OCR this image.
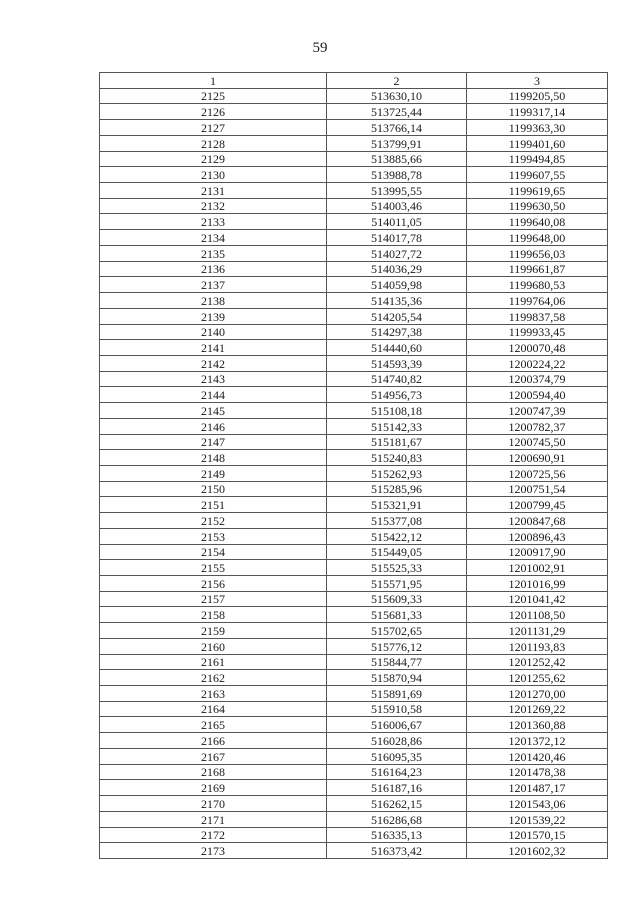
59
1	2	3
2125	513630,10	1199205,50
2126	513725,44	1199317,14
2127	513766,14	1199363,30
2128	513799,91	1199401,60
2129	513885,66	1199494,85
2130	513988,78	1199607,55
2131	513995,55	1199619,65
2132	514003,46	1199630,50
2133	514011,05	1199640,08
2134	514017,78	1199648,00
2135	514027,72	1199656,03
2136	514036,29	1199661,87
2137	514059,98	1199680,53
2138	514135,36	1199764,06
2139	514205,54	1199837,58
2140	514297,38	1199933,45
2141	514440,60	1200070,48
2142	514593,39	1200224,22
2143	514740,82	1200374,79
2144	514956,73	1200594,40
2145	515108,18	1200747,39
2146	515142,33	1200782,37
2147	515181,67	1200745,50
2148	515240,83	1200690,91
2149	515262,93	1200725,56
2150	515285,96	1200751,54
2151	515321,91	1200799,45
2152	515377,08	1200847,68
2153	515422,12	1200896,43
2154	515449,05	1200917,90
2155	515525,33	1201002,91
2156	515571,95	1201016,99
2157	515609,33	1201041,42
2158	515681,33	1201108,50
2159	515702,65	1201131,29
2160	515776,12	1201193,83
2161	515844,77	1201252,42
2162	515870,94	1201255,62
2163	515891,69	1201270,00
2164	515910,58	1201269,22
2165	516006,67	1201360,88
2166	516028,86	1201372,12
2167	516095,35	1201420,46
2168	516164,23	1201478,38
2169	516187,16	1201487,17
2170	516262,15	1201543,06
2171	516286,68	1201539,22
2172	516335,13	1201570,15
2173	516373,42	1201602,32
